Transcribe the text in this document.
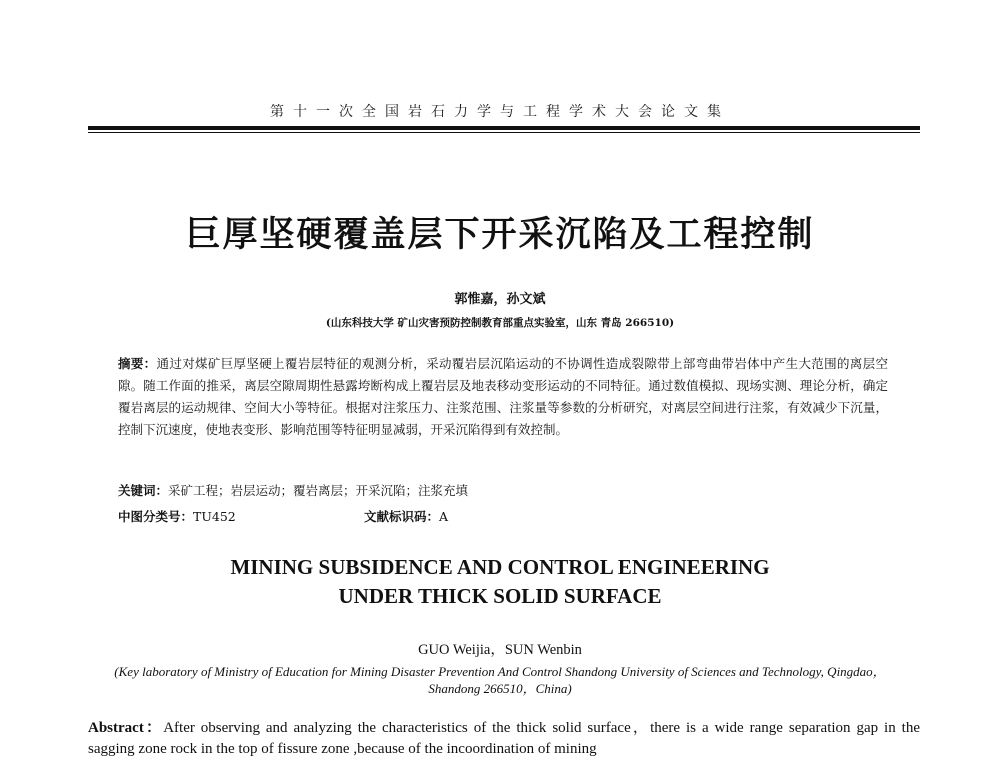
第十一次全国岩石力学与工程学术大会论文集
巨厚坚硬覆盖层下开采沉陷及工程控制
郭惟嘉，孙文斌
(山东科技大学 矿山灾害预防控制教育部重点实验室，山东 青岛 266510)
摘要：通过对煤矿巨厚坚硬上覆岩层特征的观测分析，采动覆岩层沉陷运动的不协调性造成裂隙带上部弯曲带岩体中产生大范围的离层空隙。随工作面的推采，离层空隙周期性悬露垮断构成上覆岩层及地表移动变形运动的不同特征。通过数值模拟、现场实测、理论分析，确定覆岩离层的运动规律、空间大小等特征。根据对注浆压力、注浆范围、注浆量等参数的分析研究，对离层空间进行注浆，有效减少下沉量，控制下沉速度，使地表变形、影响范围等特征明显减弱，开采沉陷得到有效控制。
关键词：采矿工程；岩层运动；覆岩离层；开采沉陷；注浆充填
中图分类号：TU452	文献标识码：A
MINING SUBSIDENCE AND CONTROL ENGINEERING
UNDER THICK SOLID SURFACE
GUO Weijia，SUN Wenbin
(Key laboratory of Ministry of Education for Mining Disaster Prevention And Control Shandong University of Sciences and Technology, Qingdao，Shandong 266510，China)
Abstract：After observing and analyzing the characteristics of the thick solid surface，there is a wide range separation gap in the sagging zone rock in the top of fissure zone ,because of the incoordination of mining
